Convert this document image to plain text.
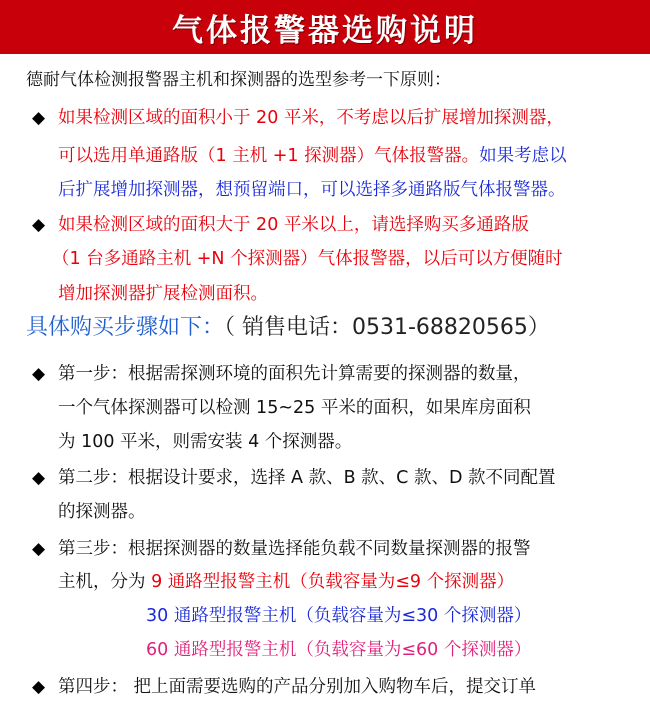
气体报警器选购说明
德耐气体检测报警器主机和探测器的选型参考一下原则：
◆ 如果检测区域的面积小于 20 平米，不考虑以后扩展增加探测器，
可以选用单通路版（1 主机 +1 探测器）气体报警器。如果考虑以
后扩展增加探测器，想预留端口，可以选择多通路版气体报警器。
◆ 如果检测区域的面积大于 20 平米以上，请选择购买多通路版
（1 台多通路主机 +N 个探测器）气体报警器，以后可以方便随时
增加探测器扩展检测面积。
具体购买步骤如下：（ 销售电话：0531-68820565）
◆ 第一步：根据需探测环境的面积先计算需要的探测器的数量，
一个气体探测器可以检测 15~25 平米的面积，如果库房面积
为 100 平米，则需安装 4 个探测器。
◆ 第二步：根据设计要求，选择 A 款、B 款、C 款、D 款不同配置
的探测器。
◆ 第三步：根据探测器的数量选择能负载不同数量探测器的报警
主机，分为 9 通路型报警主机（负载容量为≤9 个探测器）
30 通路型报警主机（负载容量为≤30 个探测器）
60 通路型报警主机（负载容量为≤60 个探测器）
◆ 第四步： 把上面需要选购的产品分别加入购物车后，提交订单
